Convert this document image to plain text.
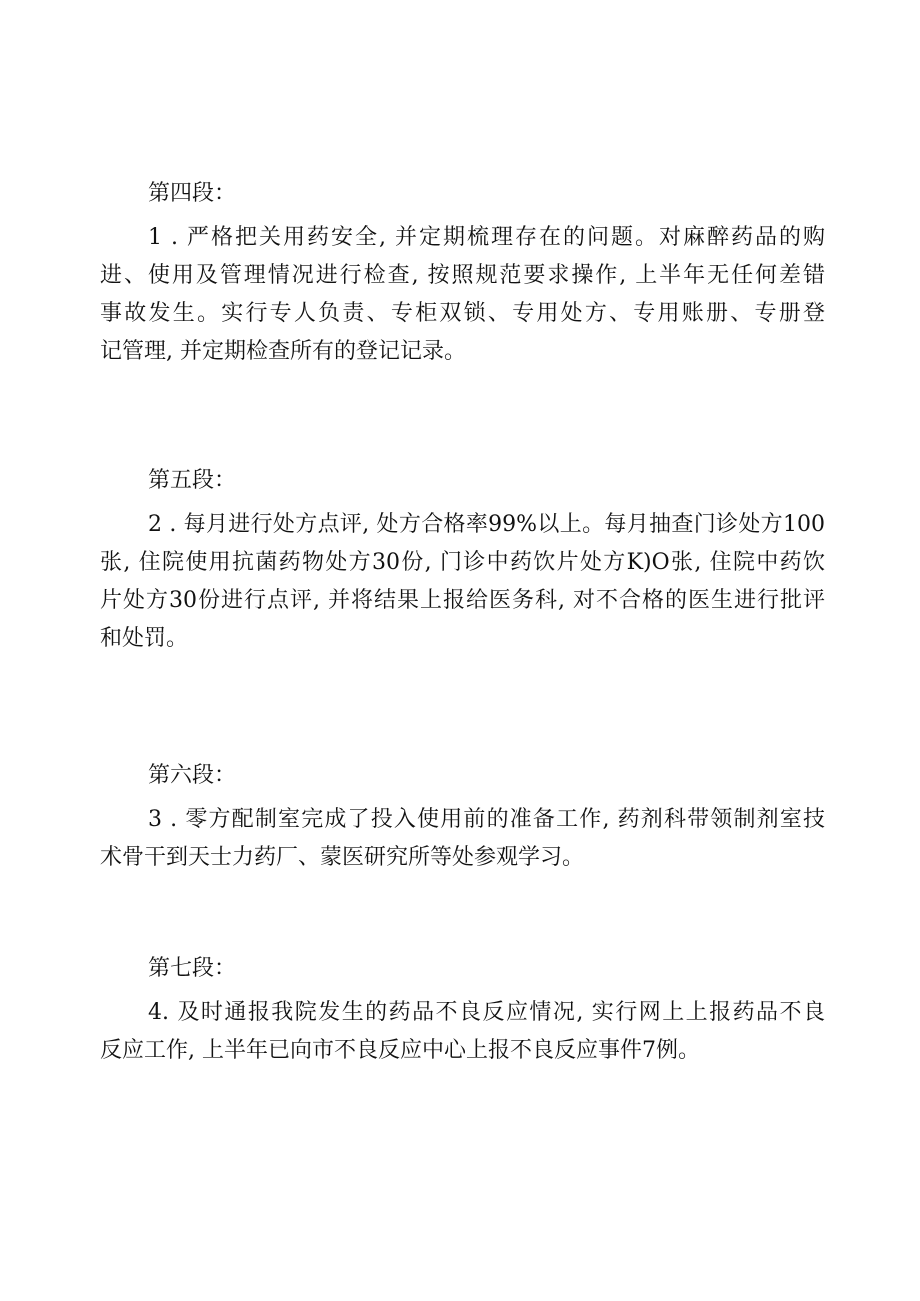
第四段：

1 . 严格把关用药安全, 并定期梳理存在的问题。对麻醉药品的购
进、使用及管理情况进行检查, 按照规范要求操作, 上半年无任何差错
事故发生。实行专人负责、专柜双锁、专用处方、专用账册、专册登
记管理, 并定期检查所有的登记记录。

第五段：

2 . 每月进行处方点评, 处方合格率99%以上。每月抽查门诊处方100
张, 住院使用抗菌药物处方30份, 门诊中药饮片处方K)O张, 住院中药饮
片处方30份进行点评, 并将结果上报给医务科, 对不合格的医生进行批评
和处罚。

第六段：

3 . 零方配制室完成了投入使用前的准备工作, 药剂科带领制剂室技
术骨干到天士力药厂、蒙医研究所等处参观学习。

第七段：

4. 及时通报我院发生的药品不良反应情况, 实行网上上报药品不良
反应工作, 上半年已向市不良反应中心上报不良反应事件7例。
